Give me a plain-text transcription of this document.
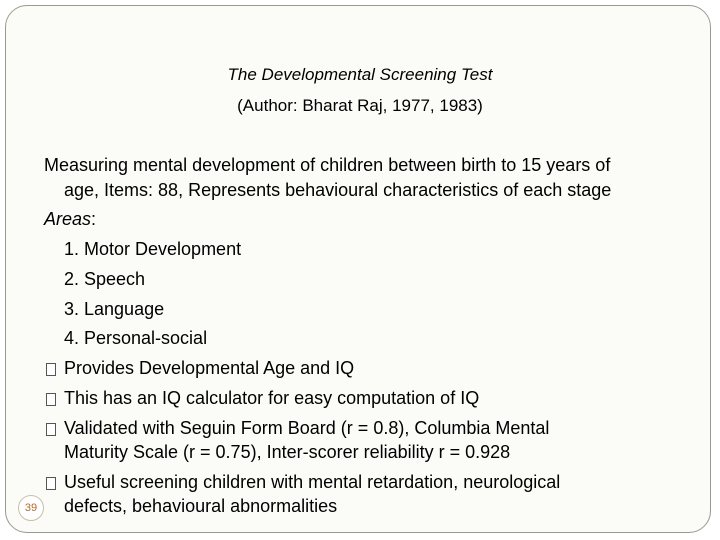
The Developmental Screening Test
(Author: Bharat Raj, 1977, 1983)
Measuring mental development of children between birth to 15 years of
age, Items: 88, Represents behavioural characteristics of each stage
Areas:
1. Motor Development
2. Speech
3. Language
4. Personal-social
Provides Developmental Age and IQ
This has an IQ calculator for easy computation of IQ
Validated with Seguin Form Board (r = 0.8), Columbia Mental
Maturity Scale (r = 0.75), Inter-scorer reliability r = 0.928
Useful screening children with mental retardation, neurological
defects, behavioural abnormalities
39
